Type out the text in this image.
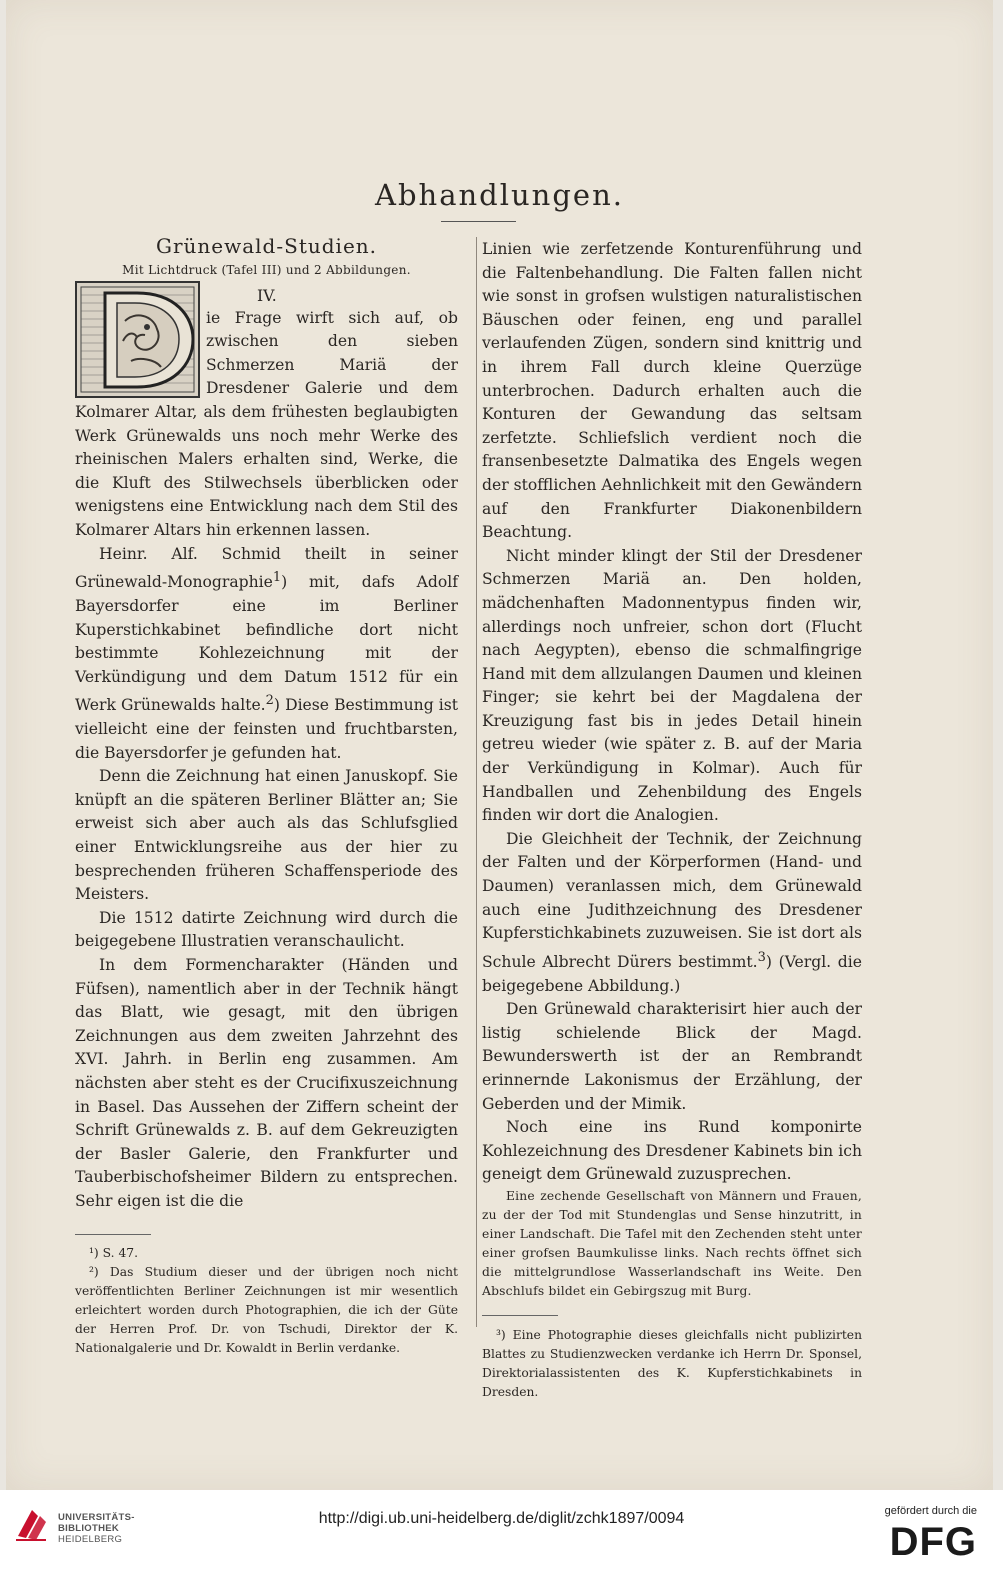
Abhandlungen.
Grünewald-Studien.
Mit Lichtdruck (Tafel III) und 2 Abbildungen.
IV.

ie Frage wirft sich auf, ob zwischen den sieben Schmerzen Mariä der Dresdener Galerie und dem Kolmarer Altar, als dem frühesten beglaubigten Werk Grünewalds uns noch mehr Werke des rheinischen Malers erhalten sind, Werke, die die Kluft des Stilwechsels überblicken oder wenigstens eine Entwicklung nach dem Stil des Kolmarer Altars hin erkennen lassen.

Heinr. Alf. Schmid theilt in seiner Grünewald-Monographie$^1$) mit, dafs Adolf Bayersdorfer eine im Berliner Kuperstichkabinet befindliche dort nicht bestimmte Kohlezeichnung mit der Verkündigung und dem Datum 1512 für ein Werk Grünewalds halte.$^2$) Diese Bestimmung ist vielleicht eine der feinsten und fruchtbarsten, die Bayersdorfer je gefunden hat.

Denn die Zeichnung hat einen Januskopf. Sie knüpft an die späteren Berliner Blätter an; Sie erweist sich aber auch als das Schlufsglied einer Entwicklungsreihe aus der hier zu besprechenden früheren Schaffensperiode des Meisters.

Die 1512 datirte Zeichnung wird durch die beigegebene Illustratien veranschaulicht.

In dem Formencharakter (Händen und Füfsen), namentlich aber in der Technik hängt das Blatt, wie gesagt, mit den übrigen Zeichnungen aus dem zweiten Jahrzehnt des XVI. Jahrh. in Berlin eng zusammen. Am nächsten aber steht es der Crucifixuszeichnung in Basel. Das Aussehen der Ziffern scheint der Schrift Grünewalds z. B. auf dem Gekreuzigten der Basler Galerie, den Frankfurter und Tauberbischofsheimer Bildern zu entsprechen. Sehr eigen ist die die

¹) S. 47.

²) Das Studium dieser und der übrigen noch nicht veröffentlichten Berliner Zeichnungen ist mir wesentlich erleichtert worden durch Photographien, die ich der Güte der Herren Prof. Dr. von Tschudi, Direktor der K. Nationalgalerie und Dr. Kowaldt in Berlin verdanke.

Linien wie zerfetzende Konturenführung und die Faltenbehandlung. Die Falten fallen nicht wie sonst in grofsen wulstigen naturalistischen Bäuschen oder feinen, eng und parallel verlaufenden Zügen, sondern sind knittrig und in ihrem Fall durch kleine Querzüge unterbrochen. Dadurch erhalten auch die Konturen der Gewandung das seltsam zerfetzte. Schliefslich verdient noch die fransenbesetzte Dalmatika des Engels wegen der stofflichen Aehnlichkeit mit den Gewändern auf den Frankfurter Diakonenbildern Beachtung.

Nicht minder klingt der Stil der Dresdener Schmerzen Mariä an. Den holden, mädchenhaften Madonnentypus finden wir, allerdings noch unfreier, schon dort (Flucht nach Aegypten), ebenso die schmalfingrige Hand mit dem allzulangen Daumen und kleinen Finger; sie kehrt bei der Magdalena der Kreuzigung fast bis in jedes Detail hinein getreu wieder (wie später z. B. auf der Maria der Verkündigung in Kolmar). Auch für Handballen und Zehenbildung des Engels finden wir dort die Analogien.

Die Gleichheit der Technik, der Zeichnung der Falten und der Körperformen (Hand- und Daumen) veranlassen mich, dem Grünewald auch eine Judithzeichnung des Dresdener Kupferstichkabinets zuzuweisen. Sie ist dort als Schule Albrecht Dürers bestimmt.$^3$) (Vergl. die beigegebene Abbildung.)

Den Grünewald charakterisirt hier auch der listig schielende Blick der Magd. Bewunderswerth ist der an Rembrandt erinnernde Lakonismus der Erzählung, der Geberden und der Mimik.

Noch eine ins Rund komponirte Kohlezeichnung des Dresdener Kabinets bin ich geneigt dem Grünewald zuzusprechen.

Eine zechende Gesellschaft von Männern und Frauen, zu der der Tod mit Stundenglas und Sense hinzutritt, in einer Landschaft. Die Tafel mit den Zechenden steht unter einer grofsen Baumkulisse links. Nach rechts öffnet sich die mittelgrundlose Wasserlandschaft ins Weite. Den Abschlufs bildet ein Gebirgszug mit Burg.

³) Eine Photographie dieses gleichfalls nicht publizirten Blattes zu Studienzwecken verdanke ich Herrn Dr. Sponsel, Direktorialassistenten des K. Kupferstichkabinets in Dresden.

UNIVERSITÄTS-
BIBLIOTHEK
HEIDELBERG
http://digi.ub.uni-heidelberg.de/diglit/zchk1897/0094	gefördert durch die
DFG
